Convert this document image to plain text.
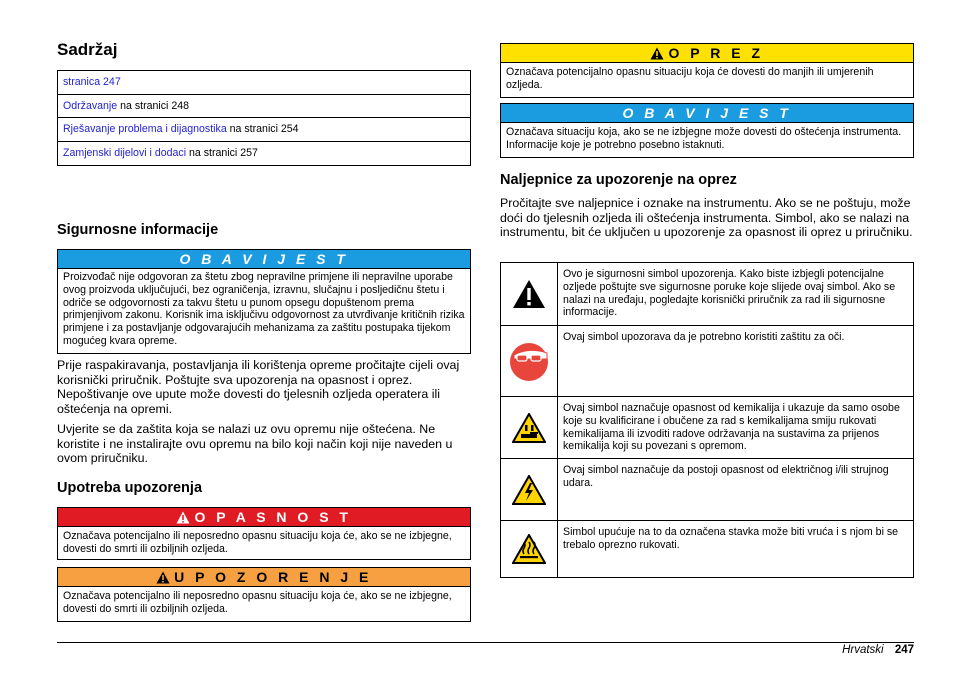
Sadržaj
stranica 247
Održavanje na stranici 248
Rješavanje problema i dijagnostika na stranici 254
Zamjenski dijelovi i dodaci na stranici 257
Sigurnosne informacije
O B A V I J E S T
Proizvođač nije odgovoran za štetu zbog nepravilne primjene ili nepravilne uporabe ovog proizvoda uključujući, bez ograničenja, izravnu, slučajnu i posljedičnu štetu i odriče se odgovornosti za takvu štetu u punom opsegu dopuštenom prema primjenjivom zakonu. Korisnik ima isključivu odgovornost za utvrđivanje kritičnih rizika primjene i za postavljanje odgovarajućih mehanizama za zaštitu postupaka tijekom mogućeg kvara opreme.
Prije raspakiravanja, postavljanja ili korištenja opreme pročitajte cijeli ovaj korisnički priručnik. Poštujte sva upozorenja na opasnost i oprez. Nepoštivanje ove upute može dovesti do tjelesnih ozljeda operatera ili oštećenja na opremi.
Uvjerite se da zaštita koja se nalazi uz ovu opremu nije oštećena. Ne koristite i ne instalirajte ovu opremu na bilo koji način koji nije naveden u ovom priručniku.
Upotreba upozorenja
O P A S N O S T
Označava potencijalno ili neposredno opasnu situaciju koja će, ako se ne izbjegne, dovesti do smrti ili ozbiljnih ozljeda.
U P O Z O R E N J E
Označava potencijalno ili neposredno opasnu situaciju koja će, ako se ne izbjegne, dovesti do smrti ili ozbiljnih ozljeda.
O P R E Z
Označava potencijalno opasnu situaciju koja će dovesti do manjih ili umjerenih ozljeda.
O B A V I J E S T
Označava situaciju koja, ako se ne izbjegne može dovesti do oštećenja instrumenta. Informacije koje je potrebno posebno istaknuti.
Naljepnice za upozorenje na oprez
Pročitajte sve naljepnice i oznake na instrumentu. Ako se ne poštuju, može doći do tjelesnih ozljeda ili oštećenja instrumenta. Simbol, ako se nalazi na instrumentu, bit će uključen u upozorenje za opasnost ili oprez u priručniku.
Ovo je sigurnosni simbol upozorenja. Kako biste izbjegli potencijalne ozljede poštujte sve sigurnosne poruke koje slijede ovaj simbol. Ako se nalazi na uređaju, pogledajte korisnički priručnik za rad ili sigurnosne informacije.
Ovaj simbol upozorava da je potrebno koristiti zaštitu za oči.
Ovaj simbol naznačuje opasnost od kemikalija i ukazuje da samo osobe koje su kvalificirane i obučene za rad s kemikalijama smiju rukovati kemikalijama ili izvoditi radove održavanja na sustavima za prijenos kemikalija koji su povezani s opremom.
Ovaj simbol naznačuje da postoji opasnost od električnog i/ili strujnog udara.
Simbol upućuje na to da označena stavka može biti vruća i s njom bi se trebalo oprezno rukovati.
Hrvatski 247
